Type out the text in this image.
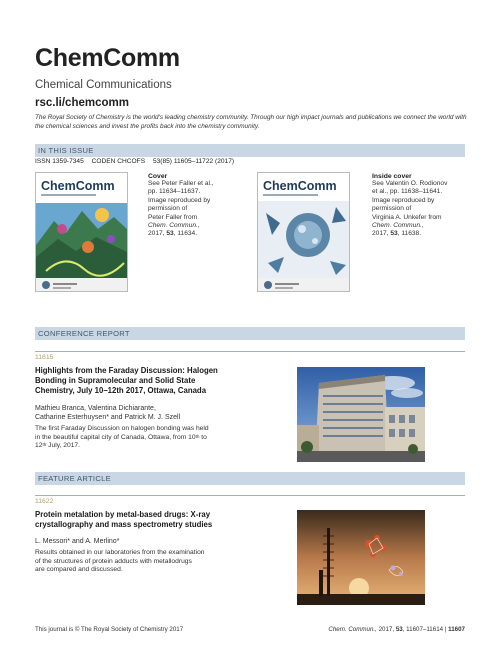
ChemComm
Chemical Communications
rsc.li/chemcomm
The Royal Society of Chemistry is the world's leading chemistry community. Through our high impact journals and publications we connect the world with the chemical sciences and invest the profits back into the chemistry community.
IN THIS ISSUE
ISSN 1359-7345 CODEN CHCOFS 53(85) 11605–11722 (2017)
ChemComm
Cover
See Peter Faller et al.,
pp. 11634–11637.
Image reproduced by
permission of
Peter Faller from
Chem. Commun.,
2017, 53, 11634.
ChemComm
Inside cover
See Valentin O. Rodionov
et al., pp. 11638–11641.
Image reproduced by
permission of
Virginia A. Unkefer from
Chem. Commun.,
2017, 53, 11638.
CONFERENCE REPORT
11615
Highlights from the Faraday Discussion: Halogen
Bonding in Supramolecular and Solid State
Chemistry, July 10–12th 2017, Ottawa, Canada
Mathieu Branca, Valentina Dichiarante,
Catharine Esterhuysen* and Patrick M. J. Szell
The first Faraday Discussion on halogen bonding was held
in the beautiful capital city of Canada, Ottawa, from 10th to
12th July, 2017.
FEATURE ARTICLE
11622
Protein metalation by metal-based drugs: X-ray
crystallography and mass spectrometry studies
L. Messori* and A. Merlino*
Results obtained in our laboratories from the examination
of the structures of protein adducts with metallodrugs
are compared and discussed.
This journal is © The Royal Society of Chemistry 2017	Chem. Commun., 2017, 53, 11607–11614 | 11607
